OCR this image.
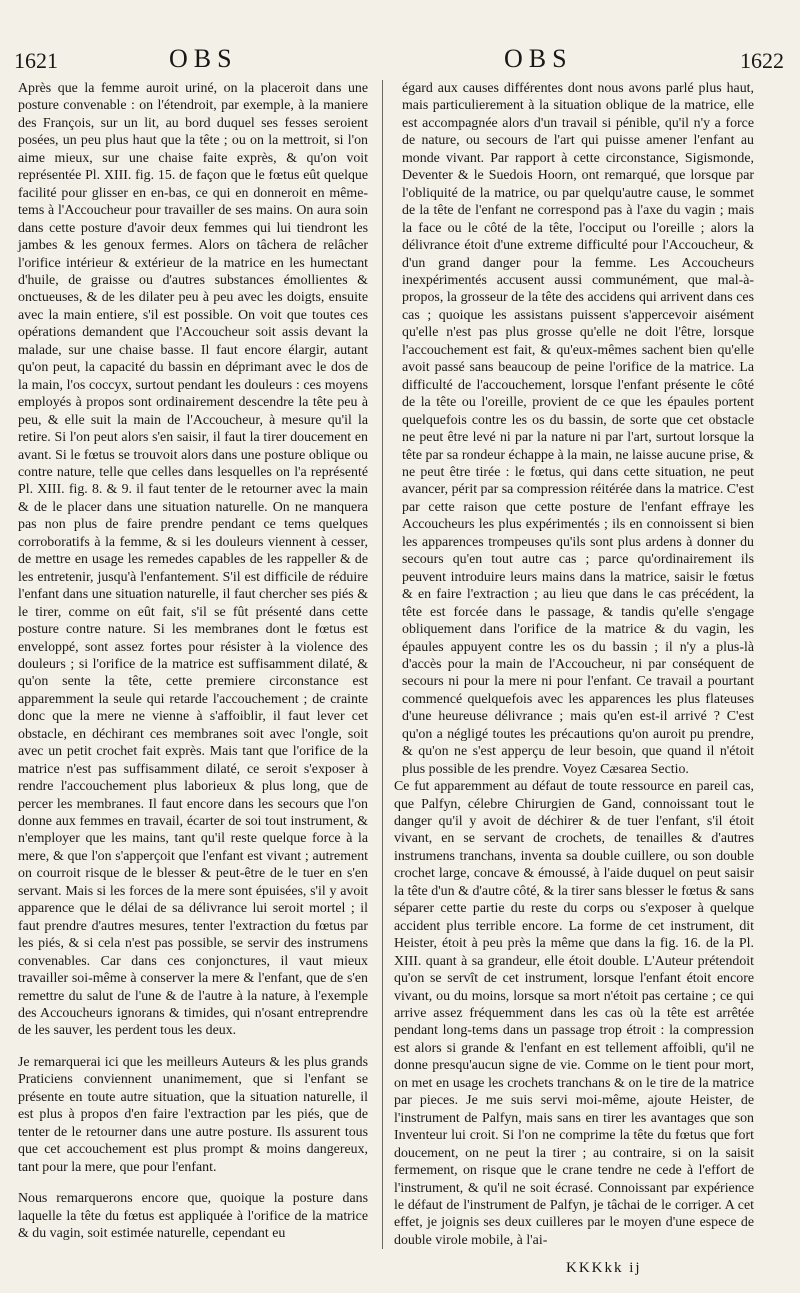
1621	OBS	OBS	1622

Après que la femme auroit uriné, on la placeroit dans une posture convenable : on l'étendroit, par exemple, à la maniere des François, sur un lit, au bord duquel ses fesses seroient posées, un peu plus haut que la tête ; ou on la mettroit, si l'on aime mieux, sur une chaise faite exprès, & qu'on voit représentée Pl. XIII. fig. 15. de façon que le fœtus eût quelque facilité pour glisser en en-bas, ce qui en donneroit en même-tems à l'Accoucheur pour travailler de ses mains. On aura soin dans cette posture d'avoir deux femmes qui lui tiendront les jambes & les genoux fermes. Alors on tâchera de relâcher l'orifice intérieur & extérieur de la matrice en les humectant d'huile, de graisse ou d'autres substances émollientes & onctueuses, & de les dilater peu à peu avec les doigts, ensuite avec la main entiere, s'il est possible. On voit que toutes ces opérations demandent que l'Accoucheur soit assis devant la malade, sur une chaise basse. Il faut encore élargir, autant qu'on peut, la capacité du bassin en déprimant avec le dos de la main, l'os coccyx, surtout pendant les douleurs : ces moyens employés à propos sont ordinairement descendre la tête peu à peu, & elle suit la main de l'Accoucheur, à mesure qu'il la retire. Si l'on peut alors s'en saisir, il faut la tirer doucement en avant. Si le fœtus se trouvoit alors dans une posture oblique ou contre nature, telle que celles dans lesquelles on l'a représenté Pl. XIII. fig. 8. & 9. il faut tenter de le retourner avec la main & de le placer dans une situation naturelle. On ne manquera pas non plus de faire prendre pendant ce tems quelques corroboratifs à la femme, & si les douleurs viennent à cesser, de mettre en usage les remedes capables de les rappeller & de les entretenir, jusqu'à l'enfantement. S'il est difficile de réduire l'enfant dans une situation naturelle, il faut chercher ses piés & le tirer, comme on eût fait, s'il se fût présenté dans cette posture contre nature. Si les membranes dont le fœtus est enveloppé, sont assez fortes pour résister à la violence des douleurs ; si l'orifice de la matrice est suffisamment dilaté, & qu'on sente la tête, cette premiere circonstance est apparemment la seule qui retarde l'accouchement ; de crainte donc que la mere ne vienne à s'affoiblir, il faut lever cet obstacle, en déchirant ces membranes soit avec l'ongle, soit avec un petit crochet fait exprès. Mais tant que l'orifice de la matrice n'est pas suffisamment dilaté, ce seroit s'exposer à rendre l'accouchement plus laborieux & plus long, que de percer les membranes. Il faut encore dans les secours que l'on donne aux femmes en travail, écarter de soi tout instrument, & n'employer que les mains, tant qu'il reste quelque force à la mere, & que l'on s'apperçoit que l'enfant est vivant ; autrement on courroit risque de le blesser & peut-être de le tuer en s'en servant. Mais si les forces de la mere sont épuisées, s'il y avoit apparence que le délai de sa délivrance lui seroit mortel ; il faut prendre d'autres mesures, tenter l'extraction du fœtus par les piés, & si cela n'est pas possible, se servir des instrumens convenables. Car dans ces conjonctures, il vaut mieux travailler soi-même à conserver la mere & l'enfant, que de s'en remettre du salut de l'une & de l'autre à la nature, à l'exemple des Accoucheurs ignorans & timides, qui n'osant entreprendre de les sauver, les perdent tous les deux.

Je remarquerai ici que les meilleurs Auteurs & les plus grands Praticiens conviennent unanimement, que si l'enfant se présente en toute autre situation, que la situation naturelle, il est plus à propos d'en faire l'extraction par les piés, que de tenter de le retourner dans une autre posture. Ils assurent tous que cet accouchement est plus prompt & moins dangereux, tant pour la mere, que pour l'enfant.

Nous remarquerons encore que, quoique la posture dans laquelle la tête du fœtus est appliquée à l'orifice de la matrice & du vagin, soit estimée naturelle, cependant eu

égard aux causes différentes dont nous avons parlé plus haut, mais particulierement à la situation oblique de la matrice, elle est accompagnée alors d'un travail si pénible, qu'il n'y a force de nature, ou secours de l'art qui puisse amener l'enfant au monde vivant. Par rapport à cette circonstance, Sigismonde, Deventer & le Suedois Hoorn, ont remarqué, que lorsque par l'obliquité de la matrice, ou par quelqu'autre cause, le sommet de la tête de l'enfant ne correspond pas à l'axe du vagin ; mais la face ou le côté de la tête, l'occiput ou l'oreille ; alors la délivrance étoit d'une extreme difficulté pour l'Accoucheur, & d'un grand danger pour la femme. Les Accoucheurs inexpérimentés accusent aussi communément, que mal-à-propos, la grosseur de la tête des accidens qui arrivent dans ces cas ; quoique les assistans puissent s'appercevoir aisément qu'elle n'est pas plus grosse qu'elle ne doit l'être, lorsque l'accouchement est fait, & qu'eux-mêmes sachent bien qu'elle avoit passé sans beaucoup de peine l'orifice de la matrice. La difficulté de l'accouchement, lorsque l'enfant présente le côté de la tête ou l'oreille, provient de ce que les épaules portent quelquefois contre les os du bassin, de sorte que cet obstacle ne peut être levé ni par la nature ni par l'art, surtout lorsque la tête par sa rondeur échappe à la main, ne laisse aucune prise, & ne peut être tirée : le fœtus, qui dans cette situation, ne peut avancer, périt par sa compression réitérée dans la matrice. C'est par cette raison que cette posture de l'enfant effraye les Accoucheurs les plus expérimentés ; ils en connoissent si bien les apparences trompeuses qu'ils sont plus ardens à donner du secours qu'en tout autre cas ; parce qu'ordinairement ils peuvent introduire leurs mains dans la matrice, saisir le fœtus & en faire l'extraction ; au lieu que dans le cas précédent, la tête est forcée dans le passage, & tandis qu'elle s'engage obliquement dans l'orifice de la matrice & du vagin, les épaules appuyent contre les os du bassin ; il n'y a plus-là d'accès pour la main de l'Accoucheur, ni par conséquent de secours ni pour la mere ni pour l'enfant. Ce travail a pourtant commencé quelquefois avec les apparences les plus flateuses d'une heureuse délivrance ; mais qu'en est-il arrivé ? C'est qu'on a négligé toutes les précautions qu'on auroit pu prendre, & qu'on ne s'est apperçu de leur besoin, que quand il n'étoit plus possible de les prendre. Voyez Cæsarea Sectio.

Ce fut apparemment au défaut de toute ressource en pareil cas, que Palfyn, célebre Chirurgien de Gand, connoissant tout le danger qu'il y avoit de déchirer & de tuer l'enfant, s'il étoit vivant, en se servant de crochets, de tenailles & d'autres instrumens tranchans, inventa sa double cuillere, ou son double crochet large, concave & émoussé, à l'aide duquel on peut saisir la tête d'un & d'autre côté, & la tirer sans blesser le fœtus & sans séparer cette partie du reste du corps ou s'exposer à quelque accident plus terrible encore. La forme de cet instrument, dit Heister, étoit à peu près la même que dans la fig. 16. de la Pl. XIII. quant à sa grandeur, elle étoit double. L'Auteur prétendoit qu'on se servît de cet instrument, lorsque l'enfant étoit encore vivant, ou du moins, lorsque sa mort n'étoit pas certaine ; ce qui arrive assez fréquemment dans les cas où la tête est arrêtée pendant long-tems dans un passage trop étroit : la compression est alors si grande & l'enfant en est tellement affoibli, qu'il ne donne presqu'aucun signe de vie. Comme on le tient pour mort, on met en usage les crochets tranchans & on le tire de la matrice par pieces. Je me suis servi moi-même, ajoute Heister, de l'instrument de Palfyn, mais sans en tirer les avantages que son Inventeur lui croit. Si l'on ne comprime la tête du fœtus que fort doucement, on ne peut la tirer ; au contraire, si on la saisit fermement, on risque que le crane tendre ne cede à l'effort de l'instrument, & qu'il ne soit écrasé. Connoissant par expérience le défaut de l'instrument de Palfyn, je tâchai de le corriger. A cet effet, je joignis ses deux cuilleres par le moyen d'une espece de double virole mobile, à l'ai-

KKKkk ij
